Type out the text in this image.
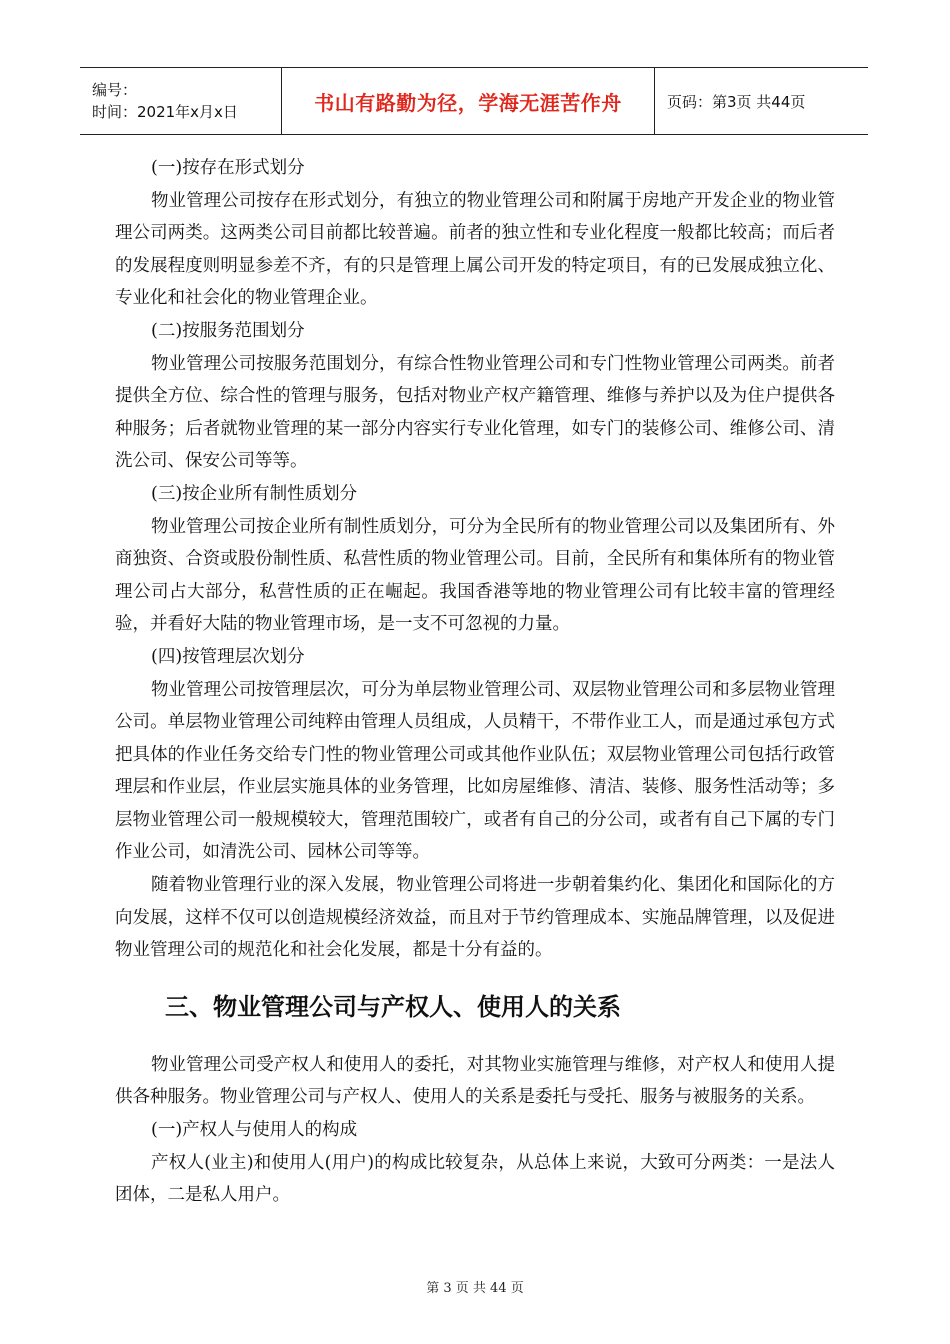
编号：
时间：2021年x月x日	书山有路勤为径，学海无涯苦作舟	页码：第3页 共44页

(一)按存在形式划分

物业管理公司按存在形式划分，有独立的物业管理公司和附属于房地产开发企业的物业管理公司两类。这两类公司目前都比较普遍。前者的独立性和专业化程度一般都比较高；而后者的发展程度则明显参差不齐，有的只是管理上属公司开发的特定项目，有的已发展成独立化、专业化和社会化的物业管理企业。

(二)按服务范围划分

物业管理公司按服务范围划分，有综合性物业管理公司和专门性物业管理公司两类。前者提供全方位、综合性的管理与服务，包括对物业产权产籍管理、维修与养护以及为住户提供各种服务；后者就物业管理的某一部分内容实行专业化管理，如专门的装修公司、维修公司、清洗公司、保安公司等等。

(三)按企业所有制性质划分

物业管理公司按企业所有制性质划分，可分为全民所有的物业管理公司以及集团所有、外商独资、合资或股份制性质、私营性质的物业管理公司。目前，全民所有和集体所有的物业管理公司占大部分，私营性质的正在崛起。我国香港等地的物业管理公司有比较丰富的管理经验，并看好大陆的物业管理市场，是一支不可忽视的力量。

(四)按管理层次划分

物业管理公司按管理层次，可分为单层物业管理公司、双层物业管理公司和多层物业管理公司。单层物业管理公司纯粹由管理人员组成，人员精干，不带作业工人，而是通过承包方式把具体的作业任务交给专门性的物业管理公司或其他作业队伍；双层物业管理公司包括行政管理层和作业层，作业层实施具体的业务管理，比如房屋维修、清洁、装修、服务性活动等；多层物业管理公司一般规模较大，管理范围较广，或者有自己的分公司，或者有自己下属的专门作业公司，如清洗公司、园林公司等等。

随着物业管理行业的深入发展，物业管理公司将进一步朝着集约化、集团化和国际化的方向发展，这样不仅可以创造规模经济效益，而且对于节约管理成本、实施品牌管理，以及促进物业管理公司的规范化和社会化发展，都是十分有益的。

三、物业管理公司与产权人、使用人的关系

物业管理公司受产权人和使用人的委托，对其物业实施管理与维修，对产权人和使用人提供各种服务。物业管理公司与产权人、使用人的关系是委托与受托、服务与被服务的关系。

(一)产权人与使用人的构成

产权人(业主)和使用人(用户)的构成比较复杂，从总体上来说，大致可分两类：一是法人团体，二是私人用户。

第 3 页 共 44 页
